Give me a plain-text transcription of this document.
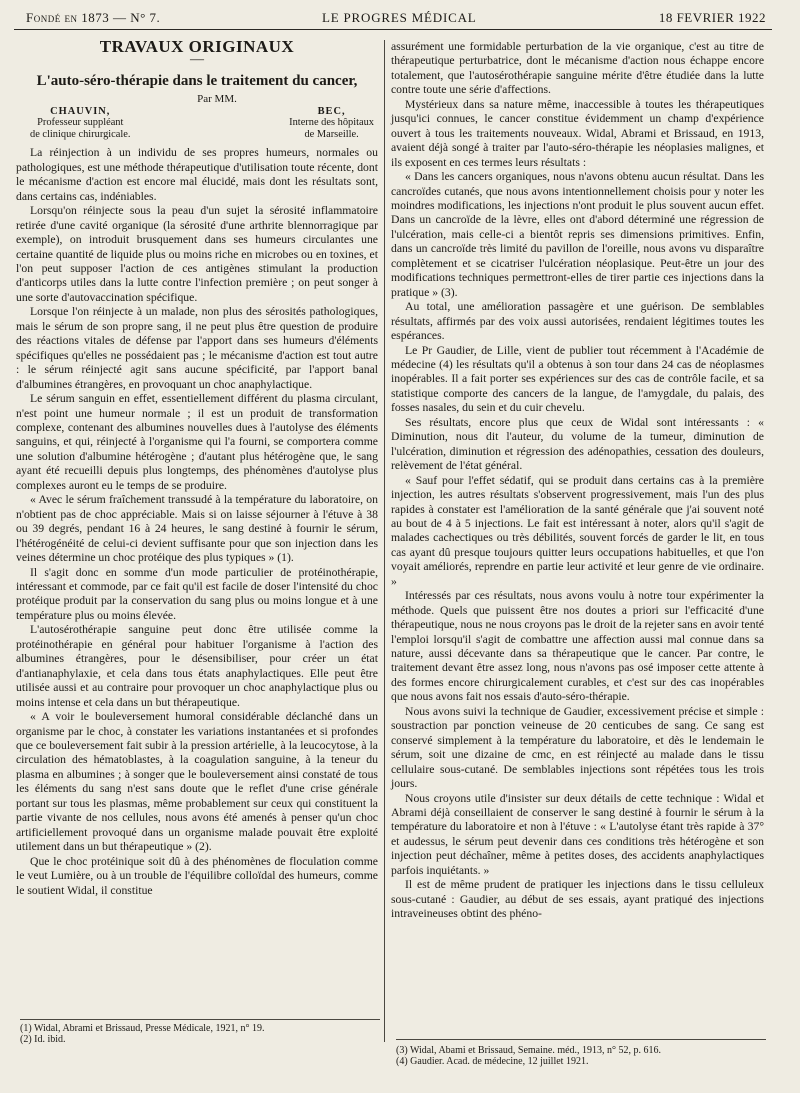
Fondé en 1873 — N° 7.	LE PROGRES MÉDICAL	18 FEVRIER 1922

TRAVAUX ORIGINAUX

—

L'auto-séro-thérapie dans le traitement du cancer,

Par MM.

CHAUVIN,
Professeur suppléant
de clinique chirurgicale.
BEC,
Interne des hôpitaux
de Marseille.

La réinjection à un individu de ses propres humeurs, normales ou pathologiques, est une méthode thérapeutique d'utilisation toute récente, dont le mécanisme d'action est encore mal élucidé, mais dont les résultats sont, dans certains cas, indéniables.

Lorsqu'on réinjecte sous la peau d'un sujet la sérosité inflammatoire retirée d'une cavité organique (la sérosité d'une arthrite blennorragique par exemple), on introduit brusquement dans ses humeurs circulantes une certaine quantité de liquide plus ou moins riche en microbes ou en toxines, et l'on peut supposer l'action de ces antigènes stimulant la production d'anticorps utiles dans la lutte contre l'infection première ; on peut songer à une sorte d'autovaccination spécifique.

Lorsque l'on réinjecte à un malade, non plus des sérosités pathologiques, mais le sérum de son propre sang, il ne peut plus être question de produire des réactions vitales de défense par l'apport dans ses humeurs d'éléments spécifiques qu'elles ne possédaient pas ; le mécanisme d'action est tout autre : le sérum réinjecté agit sans aucune spécificité, par l'apport banal d'albumines étrangères, en provoquant un choc anaphylactique.

Le sérum sanguin en effet, essentiellement différent du plasma circulant, n'est point une humeur normale ; il est un produit de transformation complexe, contenant des albumines nouvelles dues à l'autolyse des éléments sanguins, et qui, réinjecté à l'organisme qui l'a fourni, se comportera comme une solution d'albumine hétérogène ; d'autant plus hétérogène que, le sang ayant été recueilli depuis plus longtemps, des phénomènes d'autolyse plus complexes auront eu le temps de se produire.

« Avec le sérum fraîchement transsudé à la température du laboratoire, on n'obtient pas de choc appréciable. Mais si on laisse séjourner à l'étuve à 38 ou 39 degrés, pendant 16 à 24 heures, le sang destiné à fournir le sérum, l'hétérogénéité de celui-ci devient suffisante pour que son injection dans les veines détermine un choc protéique des plus typiques » (1).

Il s'agit donc en somme d'un mode particulier de protéinothérapie, intéressant et commode, par ce fait qu'il est facile de doser l'intensité du choc protéique produit par la conservation du sang plus ou moins longue et à une température plus ou moins élevée.

L'autosérothérapie sanguine peut donc être utilisée comme la protéinothérapie en général pour habituer l'organisme à l'action des albumines étrangères, pour le désensibiliser, pour créer un état d'antianaphylaxie, et cela dans tous états anaphylactiques. Elle peut être utilisée aussi et au contraire pour provoquer un choc anaphylactique plus ou moins intense et cela dans un but thérapeutique.

« A voir le bouleversement humoral considérable déclanché dans un organisme par le choc, à constater les variations instantanées et si profondes que ce bouleversement fait subir à la pression artérielle, à la leucocytose, à la circulation des hématoblastes, à la coagulation sanguine, à la teneur du plasma en albumines ; à songer que le bouleversement ainsi constaté de tous les éléments du sang n'est sans doute que le reflet d'une crise générale portant sur tous les plasmas, même probablement sur ceux qui constituent la partie vivante de nos cellules, nous avons été amenés à penser qu'un choc artificiellement provoqué dans un organisme malade pouvait être exploité utilement dans un but thérapeutique » (2).

Que le choc protéinique soit dû à des phénomènes de floculation comme le veut Lumière, ou à un trouble de l'équilibre colloïdal des humeurs, comme le soutient Widal, il constitue

assurément une formidable perturbation de la vie organique, c'est au titre de thérapeutique perturbatrice, dont le mécanisme d'action nous échappe encore totalement, que l'autosérothérapie sanguine mérite d'être étudiée dans la lutte contre toute une série d'affections.

Mystérieux dans sa nature même, inaccessible à toutes les thérapeutiques jusqu'ici connues, le cancer constitue évidemment un champ d'expérience ouvert à tous les traitements nouveaux. Widal, Abrami et Brissaud, en 1913, avaient déjà songé à traiter par l'auto-séro-thérapie les néoplasies malignes, et ils exposent en ces termes leurs résultats :

« Dans les cancers organiques, nous n'avons obtenu aucun résultat. Dans les cancroïdes cutanés, que nous avons intentionnellement choisis pour y noter les moindres modifications, les injections n'ont produit le plus souvent aucun effet. Dans un cancroïde de la lèvre, elles ont d'abord déterminé une régression de l'ulcération, mais celle-ci a bientôt repris ses dimensions primitives. Enfin, dans un cancroïde très limité du pavillon de l'oreille, nous avons vu disparaître complètement et se cicatriser l'ulcération néoplasique. Peut-être un jour des modifications techniques permettront-elles de tirer partie ces injections dans la pratique » (3).

Au total, une amélioration passagère et une guérison. De semblables résultats, affirmés par des voix aussi autorisées, rendaient légitimes toutes les espérances.

Le Pr Gaudier, de Lille, vient de publier tout récemment à l'Académie de médecine (4) les résultats qu'il a obtenus à son tour dans 24 cas de néoplasmes inopérables. Il a fait porter ses expériences sur des cas de contrôle facile, et sa statistique comporte des cancers de la langue, de l'amygdale, du palais, des fosses nasales, du sein et du cuir chevelu.

Ses résultats, encore plus que ceux de Widal sont intéressants : « Diminution, nous dit l'auteur, du volume de la tumeur, diminution de l'ulcération, diminution et régression des adénopathies, cessation des douleurs, relèvement de l'état général.

« Sauf pour l'effet sédatif, qui se produit dans certains cas à la première injection, les autres résultats s'observent progressivement, mais l'un des plus rapides à constater est l'amélioration de la santé générale que j'ai souvent noté au bout de 4 à 5 injections. Le fait est intéressant à noter, alors qu'il s'agit de malades cachectiques ou très débilités, souvent forcés de garder le lit, en tous cas ayant dû presque toujours quitter leurs occupations habituelles, et que l'on voyait améliorés, reprendre en partie leur activité et leur genre de vie ordinaire. »

Intéressés par ces résultats, nous avons voulu à notre tour expérimenter la méthode. Quels que puissent être nos doutes a priori sur l'efficacité d'une thérapeutique, nous ne nous croyons pas le droit de la rejeter sans en avoir tenté l'emploi lorsqu'il s'agit de combattre une affection aussi mal connue dans sa nature, aussi décevante dans sa thérapeutique que le cancer. Par contre, le traitement devant être assez long, nous n'avons pas osé imposer cette attente à des formes encore chirurgicalement curables, et c'est sur des cas inopérables que nous avons fait nos essais d'auto-séro-thérapie.

Nous avons suivi la technique de Gaudier, excessivement précise et simple : soustraction par ponction veineuse de 20 centicubes de sang. Ce sang est conservé simplement à la température du laboratoire, et dès le lendemain le sérum, soit une dizaine de cmc, en est réinjecté au malade dans le tissu cellulaire sous-cutané. De semblables injections sont répétées tous les trois jours.

Nous croyons utile d'insister sur deux détails de cette technique : Widal et Abrami déjà conseillaient de conserver le sang destiné à fournir le sérum à la température du laboratoire et non à l'étuve : « L'autolyse étant très rapide à 37° et audessus, le sérum peut devenir dans ces conditions très hétérogène et son injection peut déchaîner, même à petites doses, des accidents anaphylactiques parfois inquiétants. »

Il est de même prudent de pratiquer les injections dans le tissu celluleux sous-cutané : Gaudier, au début de ses essais, ayant pratiqué des injections intraveineuses obtint des phéno-

(1) Widal, Abrami et Brissaud, Presse Médicale, 1921, n° 19.

(2) Id. ibid.

(3) Widal, Abami et Brissaud, Semaine. méd., 1913, n° 52, p. 616.

(4) Gaudier. Acad. de médecine, 12 juillet 1921.
